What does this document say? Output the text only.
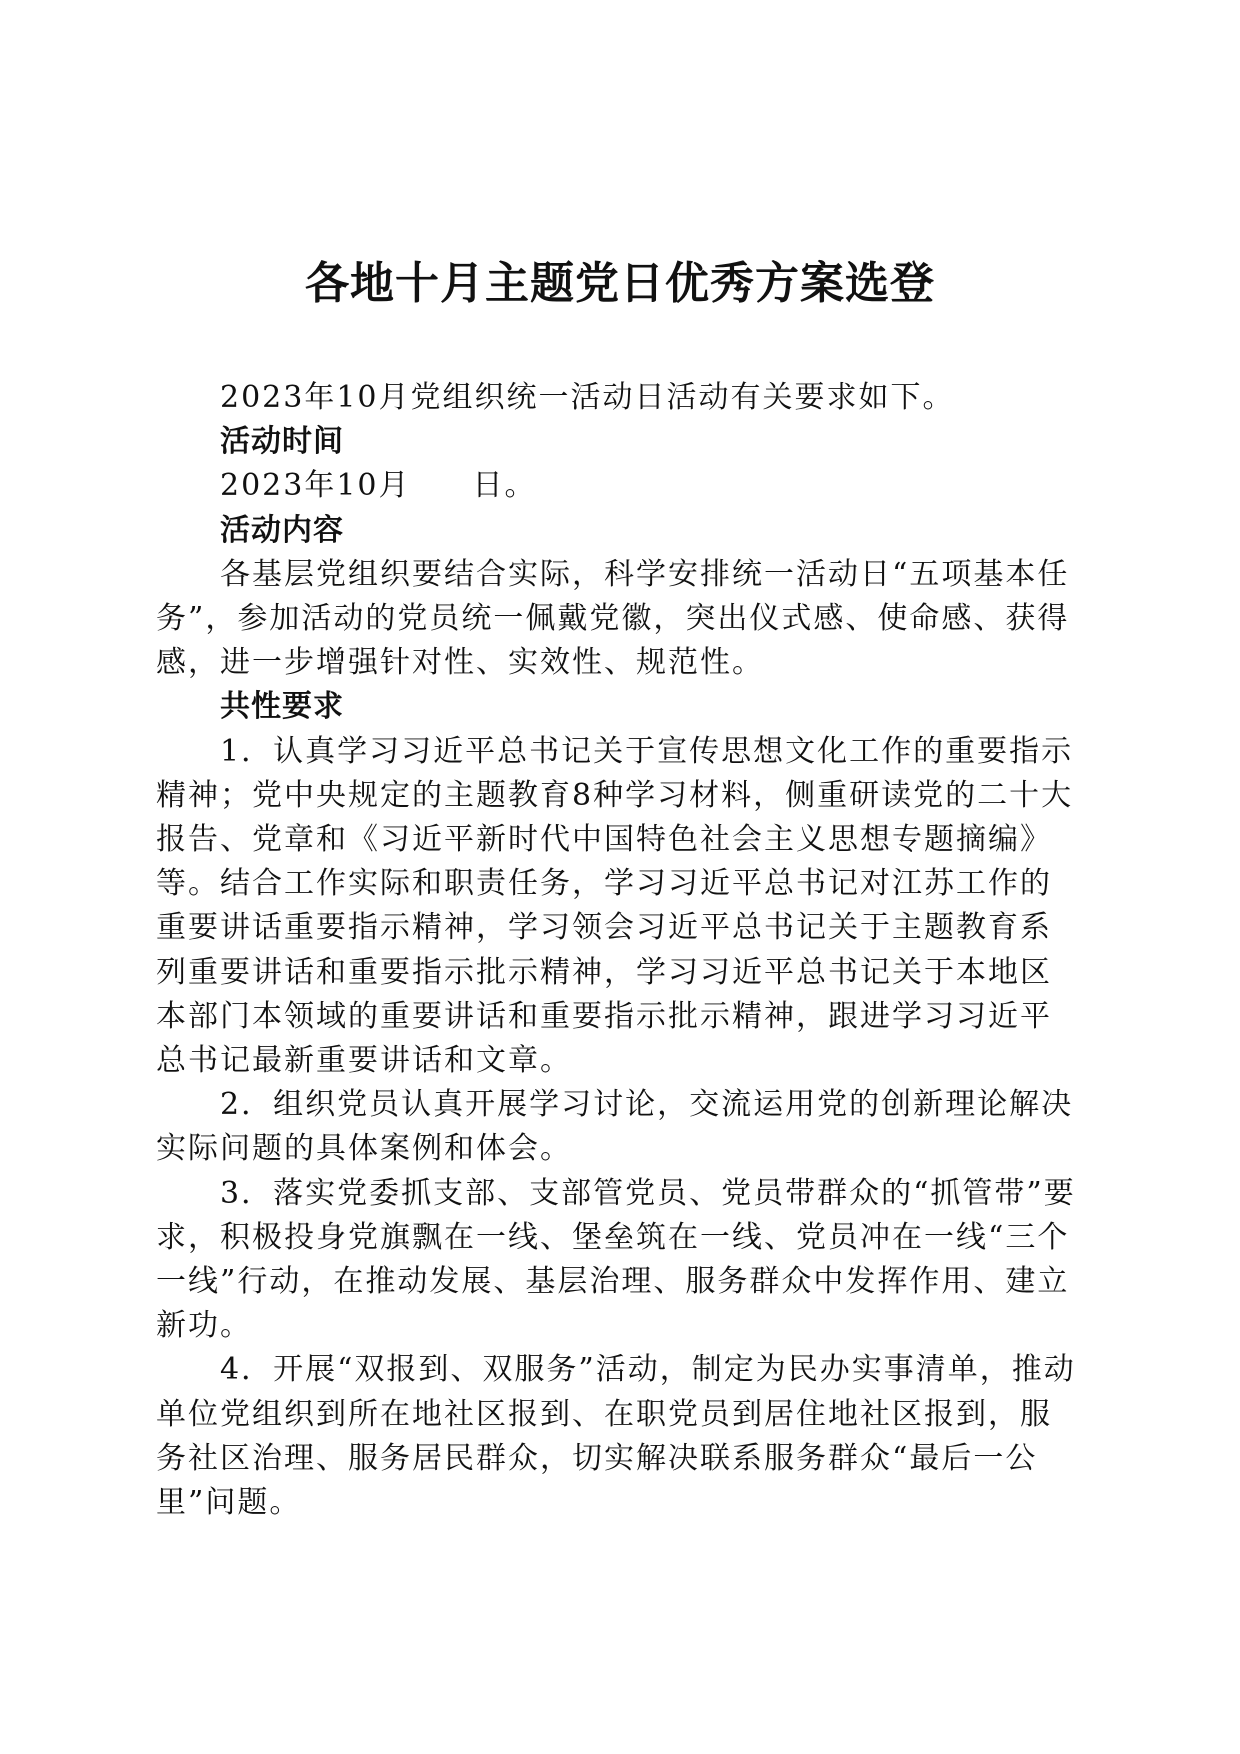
各地十月主题党日优秀方案选登

2023年10月党组织统一活动日活动有关要求如下。

活动时间

2023年10月 日。

活动内容

各基层党组织要结合实际，科学安排统一活动日“五项基本任务”，参加活动的党员统一佩戴党徽，突出仪式感、使命感、获得感，进一步增强针对性、实效性、规范性。

共性要求

1．认真学习习近平总书记关于宣传思想文化工作的重要指示精神；党中央规定的主题教育8种学习材料，侧重研读党的二十大报告、党章和《习近平新时代中国特色社会主义思想专题摘编》等。结合工作实际和职责任务，学习习近平总书记对江苏工作的重要讲话重要指示精神，学习领会习近平总书记关于主题教育系列重要讲话和重要指示批示精神，学习习近平总书记关于本地区本部门本领域的重要讲话和重要指示批示精神，跟进学习习近平总书记最新重要讲话和文章。

2．组织党员认真开展学习讨论，交流运用党的创新理论解决实际问题的具体案例和体会。

3．落实党委抓支部、支部管党员、党员带群众的“抓管带”要求，积极投身党旗飘在一线、堡垒筑在一线、党员冲在一线“三个一线”行动，在推动发展、基层治理、服务群众中发挥作用、建立新功。

4．开展“双报到、双服务”活动，制定为民办实事清单，推动单位党组织到所在地社区报到、在职党员到居住地社区报到，服务社区治理、服务居民群众，切实解决联系服务群众“最后一公里”问题。
